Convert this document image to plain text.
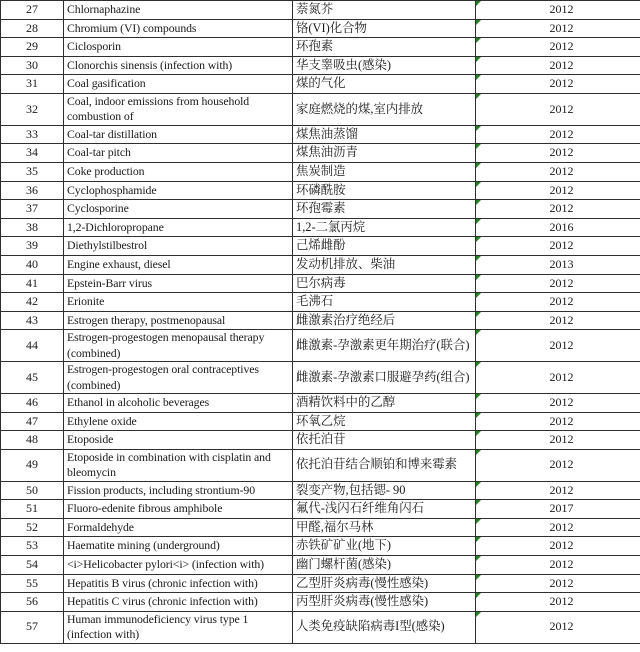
27	Chlornaphazine	萘氮芥	2012
28	Chromium (VI) compounds	铬(VI)化合物	2012
29	Ciclosporin	环孢素	2012
30	Clonorchis sinensis (infection with)	华支睾吸虫(感染)	2012
31	Coal gasification	煤的气化	2012
32	Coal, indoor emissions from household combustion of	家庭燃烧的煤,室内排放	2012
33	Coal-tar distillation	煤焦油蒸馏	2012
34	Coal-tar pitch	煤焦油沥青	2012
35	Coke production	焦炭制造	2012
36	Cyclophosphamide	环磷酰胺	2012
37	Cyclosporine	环孢霉素	2012
38	1,2-Dichloropropane	1,2-二氯丙烷	2016
39	Diethylstilbestrol	己烯雌酚	2012
40	Engine exhaust, diesel	发动机排放、柴油	2013
41	Epstein-Barr virus	巴尔病毒	2012
42	Erionite	毛沸石	2012
43	Estrogen therapy, postmenopausal	雌激素治疗绝经后	2012
44	Estrogen-progestogen menopausal therapy (combined)	雌激素-孕激素更年期治疗(联合)	2012
45	Estrogen-progestogen oral contraceptives (combined)	雌激素-孕激素口服避孕药(组合)	2012
46	Ethanol in alcoholic beverages	酒精饮料中的乙醇	2012
47	Ethylene oxide	环氧乙烷	2012
48	Etoposide	依托泊苷	2012
49	Etoposide in combination with cisplatin and bleomycin	依托泊苷结合顺铂和博来霉素	2012
50	Fission products, including strontium-90	裂变产物,包括锶- 90	2012
51	Fluoro-edenite fibrous amphibole	氟代-浅闪石纤维角闪石	2017
52	Formaldehyde	甲醛,福尔马林	2012
53	Haematite mining (underground)	赤铁矿矿业(地下)	2012
54	<i>Helicobacter pylori<i> (infection with)	幽门螺杆菌(感染)	2012
55	Hepatitis B virus (chronic infection with)	乙型肝炎病毒(慢性感染)	2012
56	Hepatitis C virus (chronic infection with)	丙型肝炎病毒(慢性感染)	2012
57	Human immunodeficiency virus type 1 (infection with)	人类免疫缺陷病毒I型(感染)	2012
